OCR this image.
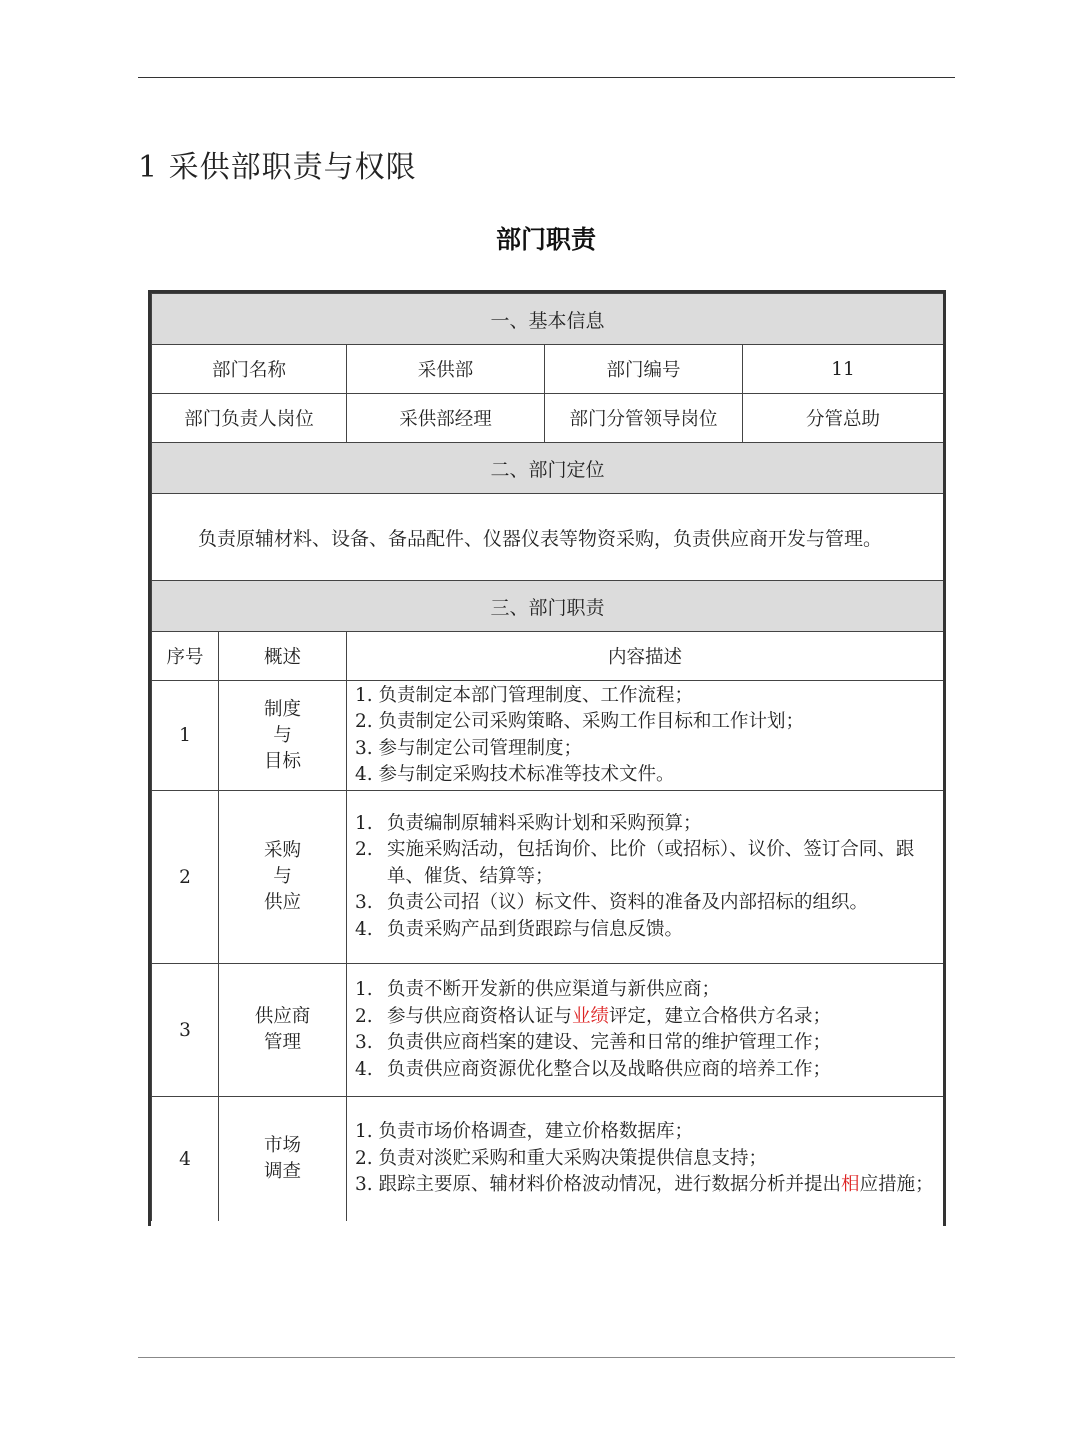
1 采供部职责与权限
部门职责
一、基本信息				
部门名称		采供部	部门编号	11
部门负责人岗位		采供部经理	部门分管领导岗位	分管总助
二、部门定位				
负责原辅材料、设备、备品配件、仪器仪表等物资采购，负责供应商开发与管理。				
三、部门职责				
序号	概述	内容描述		
1	制度
与
目标	1. 负责制定本部门管理制度、工作流程；
2. 负责制定公司采购策略、采购工作目标和工作计划；
3. 参与制定公司管理制度；
4. 参与制定采购技术标准等技术文件。		

2	采购
与
供应	1. 负责编制原辅料采购计划和采购预算；
2. 实施采购活动，包括询价、比价（或招标）、议价、签订合同、跟单、催货、结算等；
3. 负责公司招（议）标文件、资料的准备及内部招标的组织。
4. 负责采购产品到货跟踪与信息反馈。		

3	供应商
管理	1. 负责不断开发新的供应渠道与新供应商；
2. 参与供应商资格认证与业绩评定，建立合格供方名录；
3. 负责供应商档案的建设、完善和日常的维护管理工作；
4. 负责供应商资源优化整合以及战略供应商的培养工作；		

4	市场
调查	1. 负责市场价格调查，建立价格数据库；
2. 负责对淡贮采购和重大采购决策提供信息支持；
3. 跟踪主要原、辅材料价格波动情况，进行数据分析并提出相应措施；		
